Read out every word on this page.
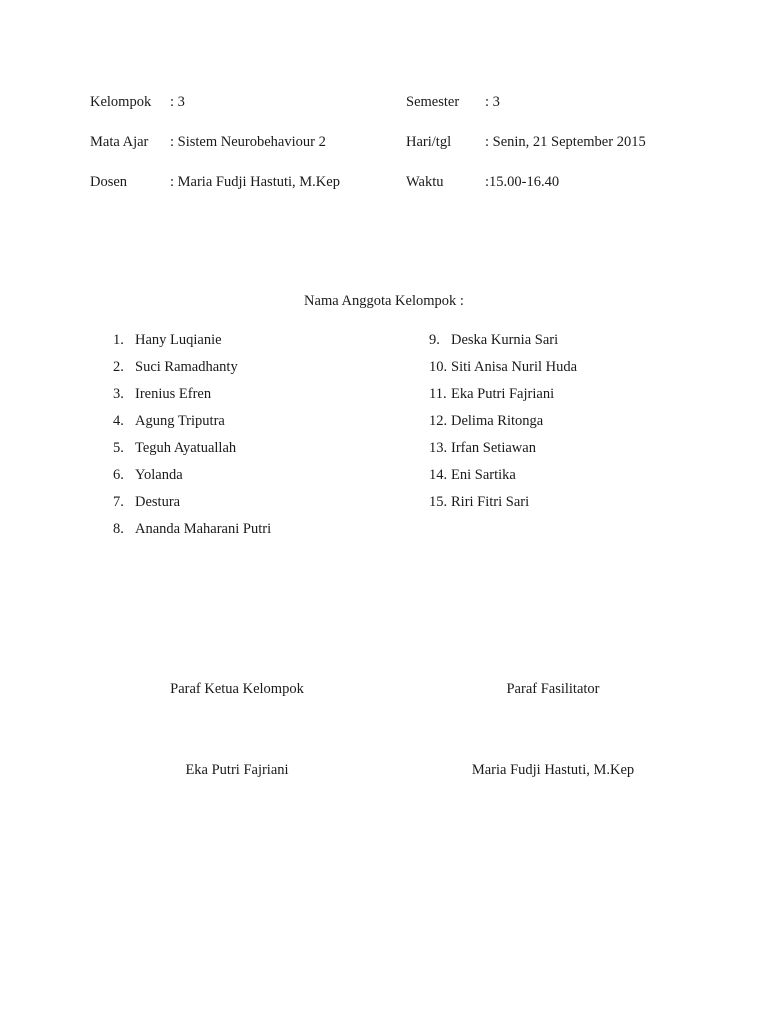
Kelompok : 3
Mata Ajar : Sistem Neurobehaviour 2
Dosen	: Maria Fudji Hastuti, M.Kep
Semester : 3
Hari/tgl : Senin, 21 September 2015
Waktu	:15.00-16.40
Nama Anggota Kelompok :
1. Hany Luqianie
2. Suci Ramadhanty
3. Irenius Efren
4. Agung Triputra
5. Teguh Ayatuallah
6. Yolanda
7. Destura
8. Ananda Maharani Putri
9. Deska Kurnia Sari
10. Siti Anisa Nuril Huda
11. Eka Putri Fajriani
12. Delima Ritonga
13. Irfan Setiawan
14. Eni Sartika
15. Riri Fitri Sari
Paraf Ketua Kelompok
Eka Putri Fajriani
Paraf Fasilitator
Maria Fudji Hastuti, M.Kep
